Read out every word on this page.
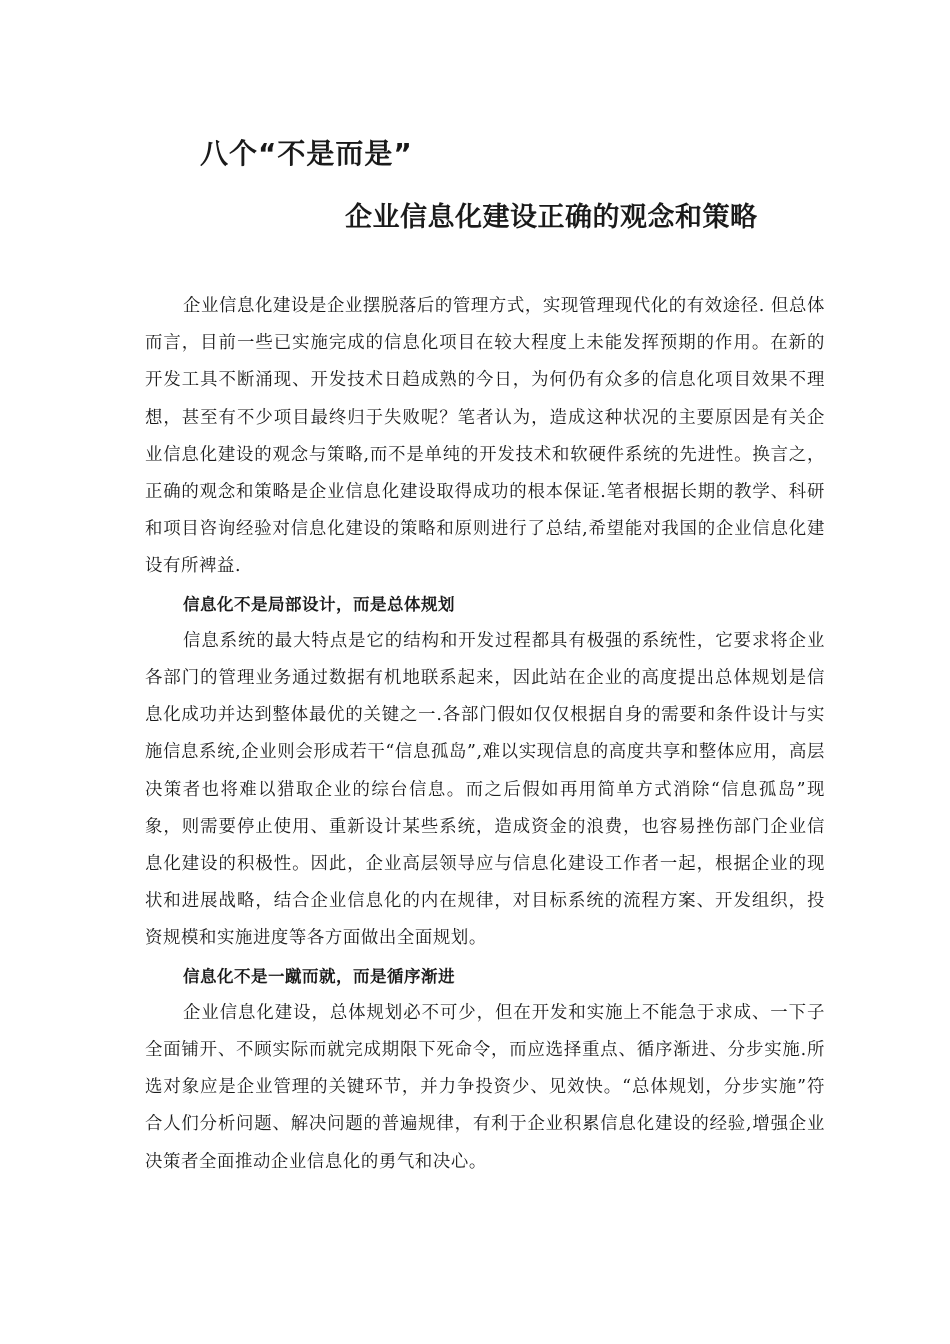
八个“不是而是”
企业信息化建设正确的观念和策略

企业信息化建设是企业摆脱落后的管理方式，实现管理现代化的有效途径. 但总体而言，目前一些已实施完成的信息化项目在较大程度上未能发挥预期的作用。在新的开发工具不断涌现、开发技术日趋成熟的今日，为何仍有众多的信息化项目效果不理想，甚至有不少项目最终归于失败呢？笔者认为，造成这种状况的主要原因是有关企业信息化建设的观念与策略,而不是单纯的开发技术和软硬件系统的先进性。换言之，正确的观念和策略是企业信息化建设取得成功的根本保证.笔者根据长期的教学、科研和项目咨询经验对信息化建设的策略和原则进行了总结,希望能对我国的企业信息化建设有所裨益.

信息化不是局部设计，而是总体规划

信息系统的最大特点是它的结构和开发过程都具有极强的系统性，它要求将企业各部门的管理业务通过数据有机地联系起来，因此站在企业的高度提出总体规划是信息化成功并达到整体最优的关键之一.各部门假如仅仅根据自身的需要和条件设计与实施信息系统,企业则会形成若干“信息孤岛”,难以实现信息的高度共享和整体应用，高层决策者也将难以猎取企业的综台信息。而之后假如再用简单方式消除“信息孤岛”现象，则需要停止使用、重新设计某些系统，造成资金的浪费，也容易挫伤部门企业信息化建设的积极性。因此，企业高层领导应与信息化建设工作者一起，根据企业的现状和进展战略，结合企业信息化的内在规律，对目标系统的流程方案、开发组织，投资规模和实施进度等各方面做出全面规划。

信息化不是一蹴而就，而是循序渐进

企业信息化建设，总体规划必不可少，但在开发和实施上不能急于求成、一下子全面铺开、不顾实际而就完成期限下死命令，而应选择重点、循序渐进、分步实施.所选对象应是企业管理的关键环节，并力争投资少、见效快。“总体规划，分步实施”符合人们分析问题、解决问题的普遍规律，有利于企业积累信息化建设的经验,增强企业决策者全面推动企业信息化的勇气和决心。
